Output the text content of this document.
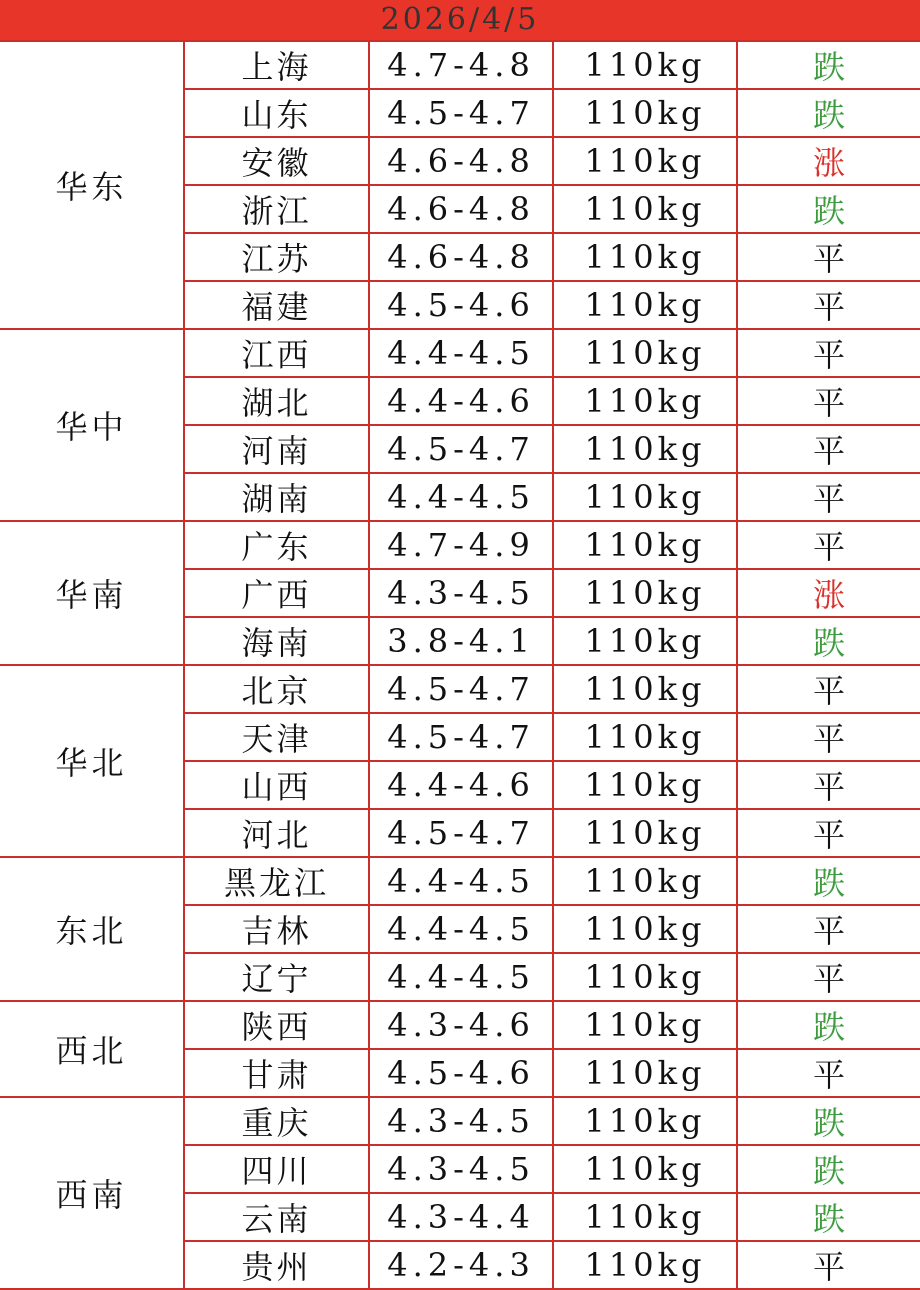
2026/4/5
华东	上海	4.7-4.8	110kg	跌
	山东	4.5-4.7	110kg	跌
	安徽	4.6-4.8	110kg	涨
	浙江	4.6-4.8	110kg	跌
	江苏	4.6-4.8	110kg	平
	福建	4.5-4.6	110kg	平
华中	江西	4.4-4.5	110kg	平
	湖北	4.4-4.6	110kg	平
	河南	4.5-4.7	110kg	平
	湖南	4.4-4.5	110kg	平
华南	广东	4.7-4.9	110kg	平
	广西	4.3-4.5	110kg	涨
	海南	3.8-4.1	110kg	跌
华北	北京	4.5-4.7	110kg	平
	天津	4.5-4.7	110kg	平
	山西	4.4-4.6	110kg	平
	河北	4.5-4.7	110kg	平
东北	黑龙江	4.4-4.5	110kg	跌
	吉林	4.4-4.5	110kg	平
	辽宁	4.4-4.5	110kg	平
西北	陕西	4.3-4.6	110kg	跌
	甘肃	4.5-4.6	110kg	平
西南	重庆	4.3-4.5	110kg	跌
	四川	4.3-4.5	110kg	跌
	云南	4.3-4.4	110kg	跌
	贵州	4.2-4.3	110kg	平
